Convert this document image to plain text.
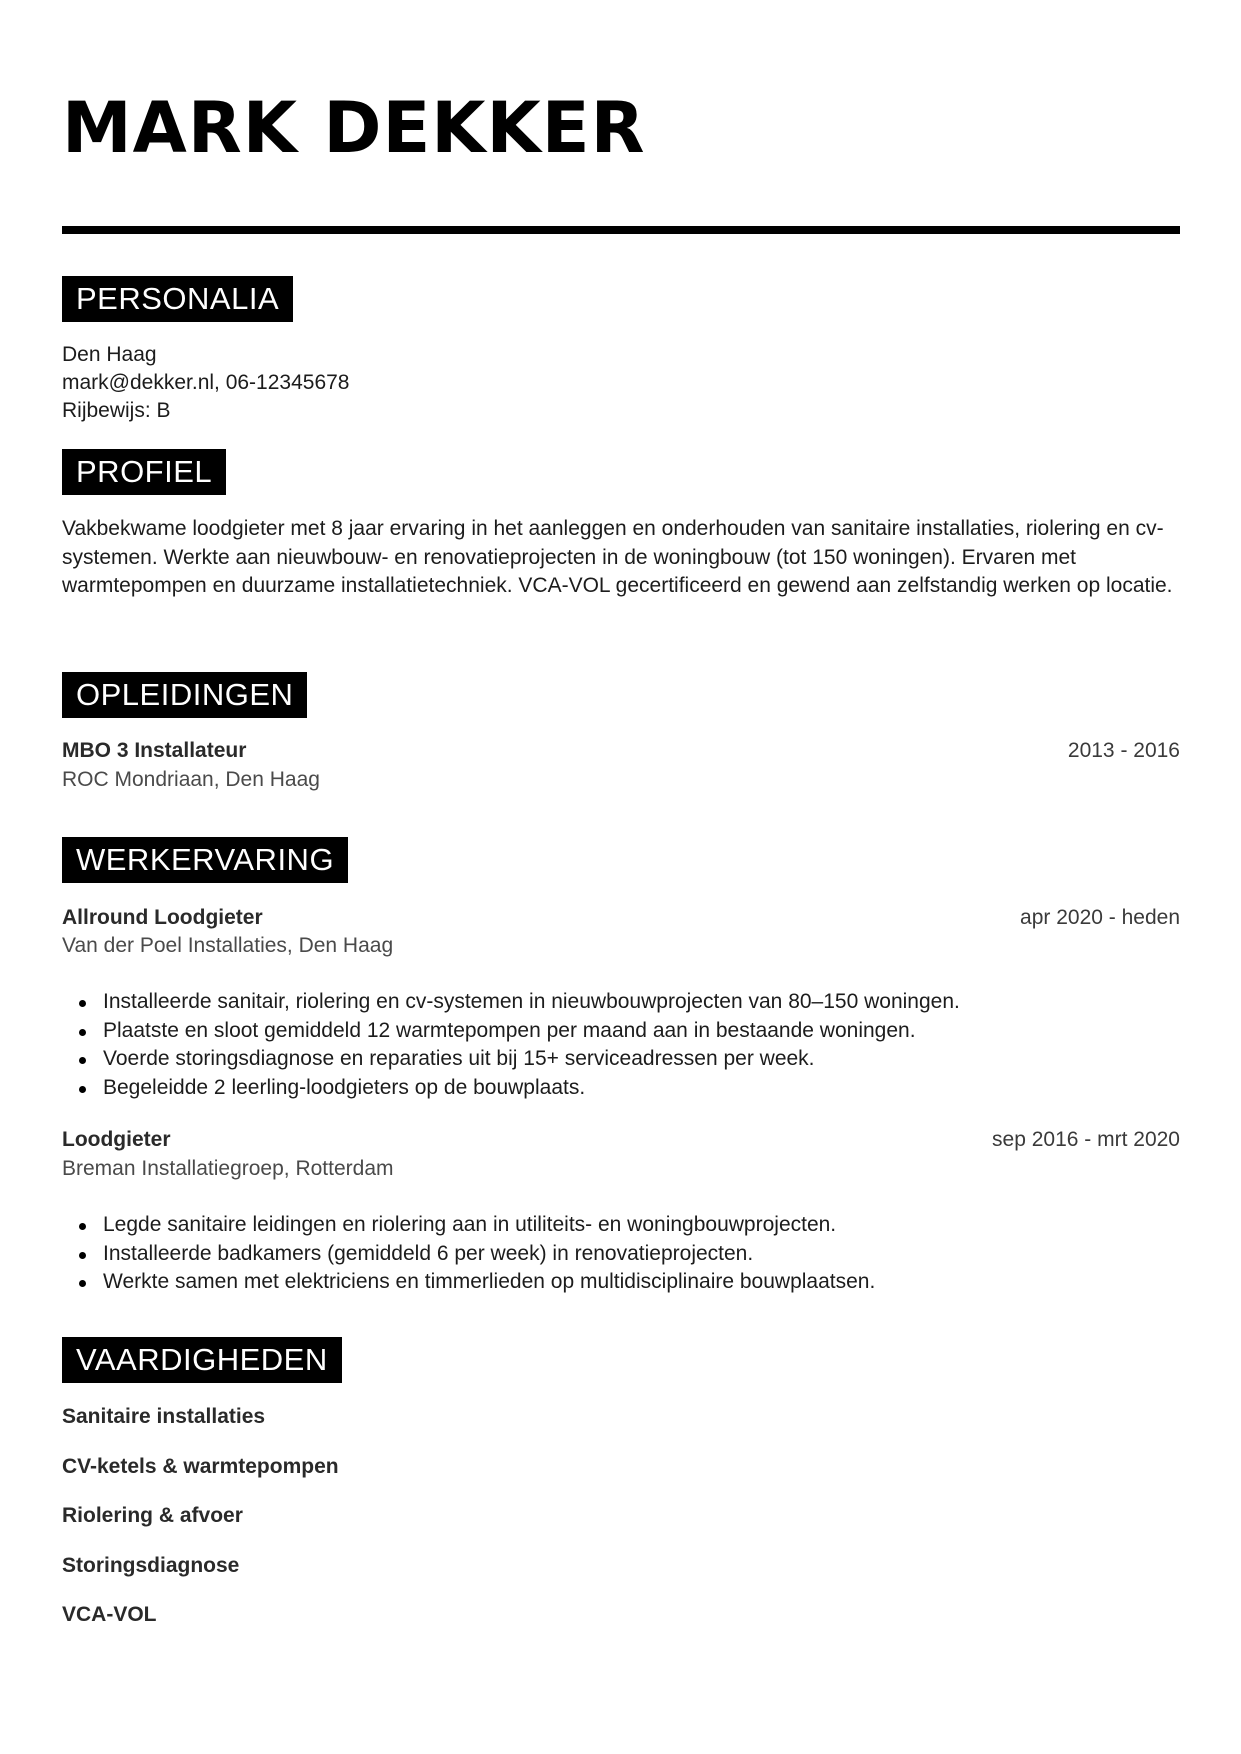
MARK DEKKER
PERSONALIA
Den Haag
mark@dekker.nl, 06-12345678
Rijbewijs: B
PROFIEL

Vakbekwame loodgieter met 8 jaar ervaring in het aanleggen en onderhouden van sanitaire installaties, riolering en cv-systemen. Werkte aan nieuwbouw- en renovatieprojecten in de woningbouw (tot 150 woningen). Ervaren met warmtepompen en duurzame installatietechniek. VCA-VOL gecertificeerd en gewend aan zelfstandig werken op locatie.

OPLEIDINGEN
MBO 3 Installateur	2013 - 2016
ROC Mondriaan, Den Haag
WERKERVARING
Allround Loodgieter	apr 2020 - heden
Van der Poel Installaties, Den Haag
Installeerde sanitair, riolering en cv-systemen in nieuwbouwprojecten van 80–150 woningen.
Plaatste en sloot gemiddeld 12 warmtepompen per maand aan in bestaande woningen.
Voerde storingsdiagnose en reparaties uit bij 15+ serviceadressen per week.
Begeleidde 2 leerling-loodgieters op de bouwplaats.
Loodgieter	sep 2016 - mrt 2020
Breman Installatiegroep, Rotterdam
Legde sanitaire leidingen en riolering aan in utiliteits- en woningbouwprojecten.
Installeerde badkamers (gemiddeld 6 per week) in renovatieprojecten.
Werkte samen met elektriciens en timmerlieden op multidisciplinaire bouwplaatsen.
VAARDIGHEDEN
Sanitaire installaties
CV-ketels & warmtepompen
Riolering & afvoer
Storingsdiagnose
VCA-VOL
